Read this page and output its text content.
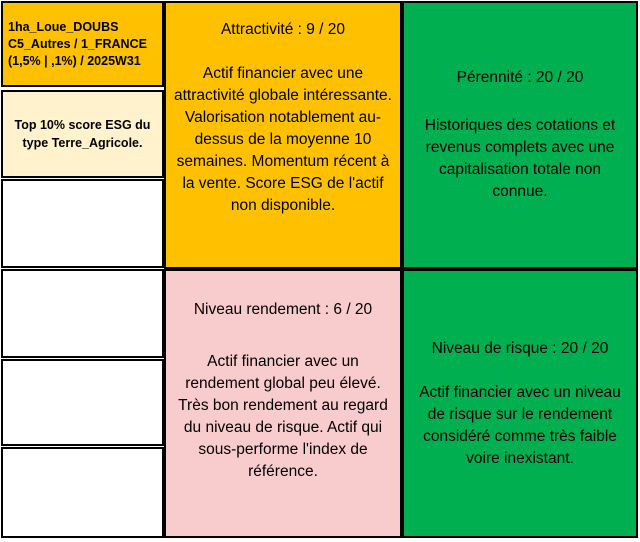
1ha_Loue_DOUBS
C5_Autres / 1_FRANCE
(1,5% | ,1%) / 2025W31
Top 10% score ESG du type Terre_Agricole.
Attractivité : 9 / 20
Actif financier avec une attractivité globale intéressante. Valorisation notablement au-dessus de la moyenne 10 semaines. Momentum récent à la vente. Score ESG de l'actif non disponible.
Pérennité : 20 / 20
Historiques des cotations et revenus complets avec une capitalisation totale non connue.
Niveau rendement : 6 / 20
Actif financier avec un rendement global peu élevé. Très bon rendement au regard du niveau de risque. Actif qui sous-performe l'index de référence.
Niveau de risque : 20 / 20
Actif financier avec un niveau de risque sur le rendement considéré comme très faible voire inexistant.
